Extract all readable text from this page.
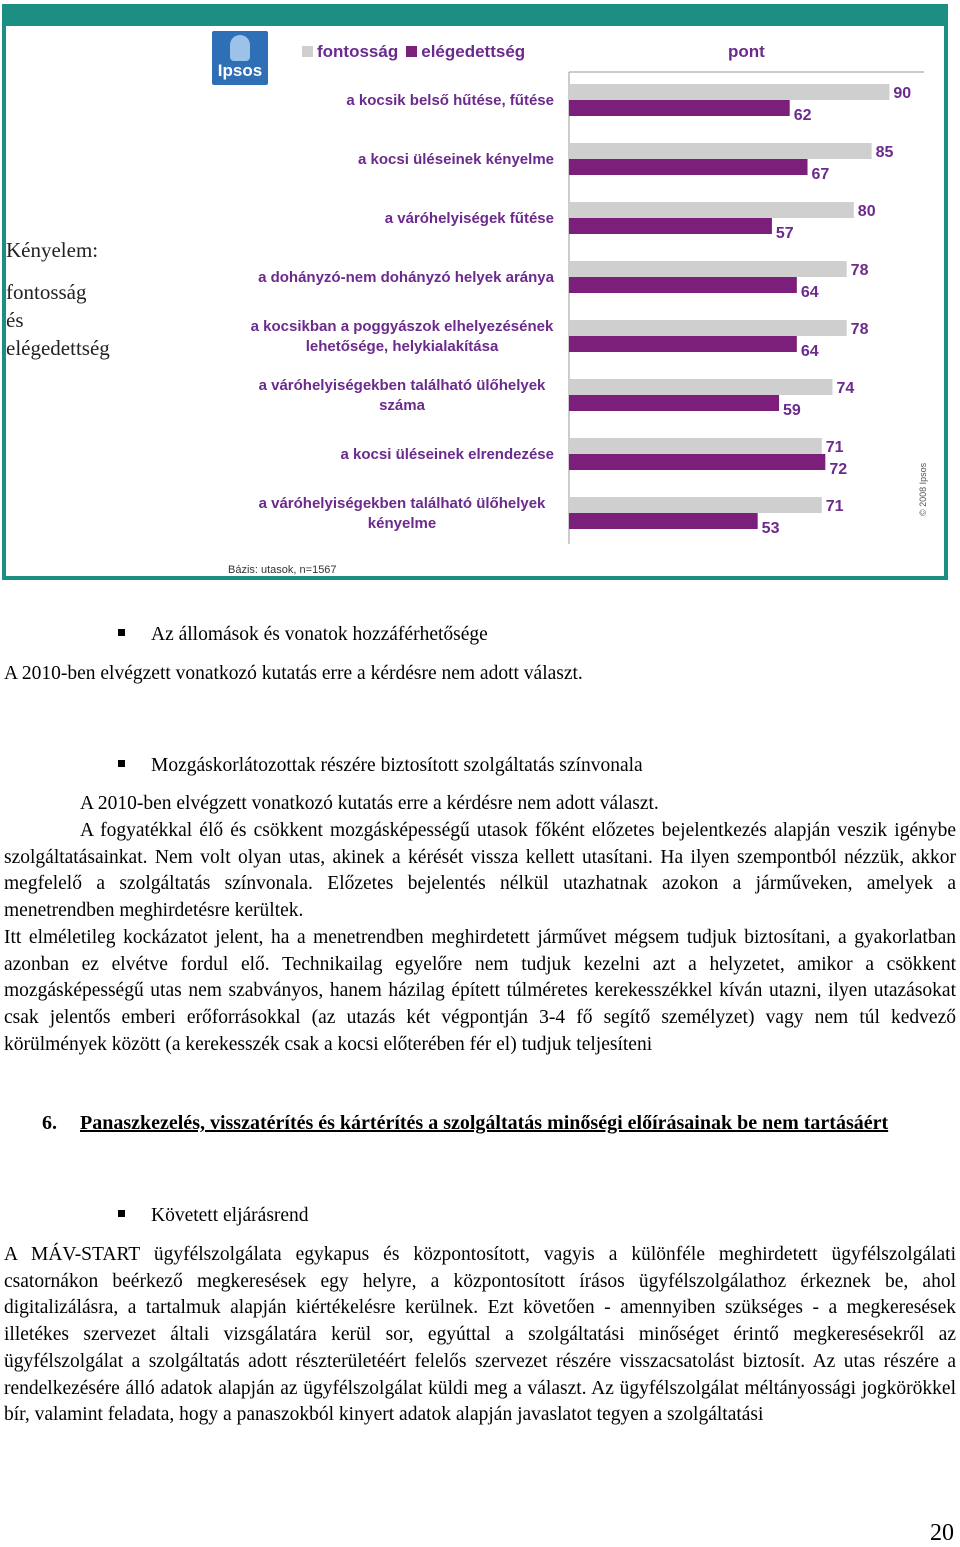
Ipsos
fontosság elégedettség	pont
Kényelem:
fontosság
és
elégedettség
90
62
a kocsik belső hűtése, fűtése
85
67
a kocsi üléseinek kényelme
80
57
a váróhelyiségek fűtése
78
64
a dohányzó-nem dohányzó helyek aránya
78
64
a kocsikban a poggyászok elhelyezésének
lehetősége, helykialakítása
74
59
a váróhelyiségekben található ülőhelyek
száma
71
72
a kocsi üléseinek elrendezése
71
53
a váróhelyiségekben található ülőhelyek
kényelme
Bázis: utasok, n=1567
© 2008 Ipsos

Az állomások és vonatok hozzáférhetősége

A 2010-ben elvégzett vonatkozó kutatás erre a kérdésre nem adott választ.

Mozgáskorlátozottak részére biztosított szolgáltatás színvonala

A 2010-ben elvégzett vonatkozó kutatás erre a kérdésre nem adott választ.

A fogyatékkal élő és csökkent mozgásképességű utasok főként előzetes bejelentkezés alapján veszik igénybe szolgáltatásainkat. Nem volt olyan utas, akinek a kérését vissza kellett utasítani. Ha ilyen szempontból nézzük, akkor megfelelő a szolgáltatás színvonala. Előzetes bejelentés nélkül utazhatnak azokon a járműveken, amelyek a menetrendben meghirdetésre kerültek.

Itt elméletileg kockázatot jelent, ha a menetrendben meghirdetett járművet mégsem tudjuk biztosítani, a gyakorlatban azonban ez elvétve fordul elő. Technikailag egyelőre nem tudjuk kezelni azt a helyzetet, amikor a csökkent mozgásképességű utas nem szabványos, hanem házilag épített túlméretes kerekesszékkel kíván utazni, ilyen utazásokat csak jelentős emberi erőforrásokkal (az utazás két végpontján 3-4 fő segítő személyzet) vagy nem túl kedvező körülmények között (a kerekesszék csak a kocsi előterében fér el) tudjuk teljesíteni

6. Panaszkezelés, visszatérítés és kártérítés a szolgáltatás minőségi előírásainak be nem tartásáért

Követett eljárásrend

A MÁV-START ügyfélszolgálata egykapus és központosított, vagyis a különféle meghirdetett ügyfélszolgálati csatornákon beérkező megkeresések egy helyre, a központosított írásos ügyfélszolgálathoz érkeznek be, ahol digitalizálásra, a tartalmuk alapján kiértékelésre kerülnek. Ezt követően - amennyiben szükséges - a megkeresések illetékes szervezet általi vizsgálatára kerül sor, egyúttal a szolgáltatási minőséget érintő megkeresésekről az ügyfélszolgálat a szolgáltatás adott részterületéért felelős szervezet részére visszacsatolást biztosít. Az utas részére a rendelkezésére álló adatok alapján az ügyfélszolgálat küldi meg a választ. Az ügyfélszolgálat méltányossági jogkörökkel bír, valamint feladata, hogy a panaszokból kinyert adatok alapján javaslatot tegyen a szolgáltatási

20
